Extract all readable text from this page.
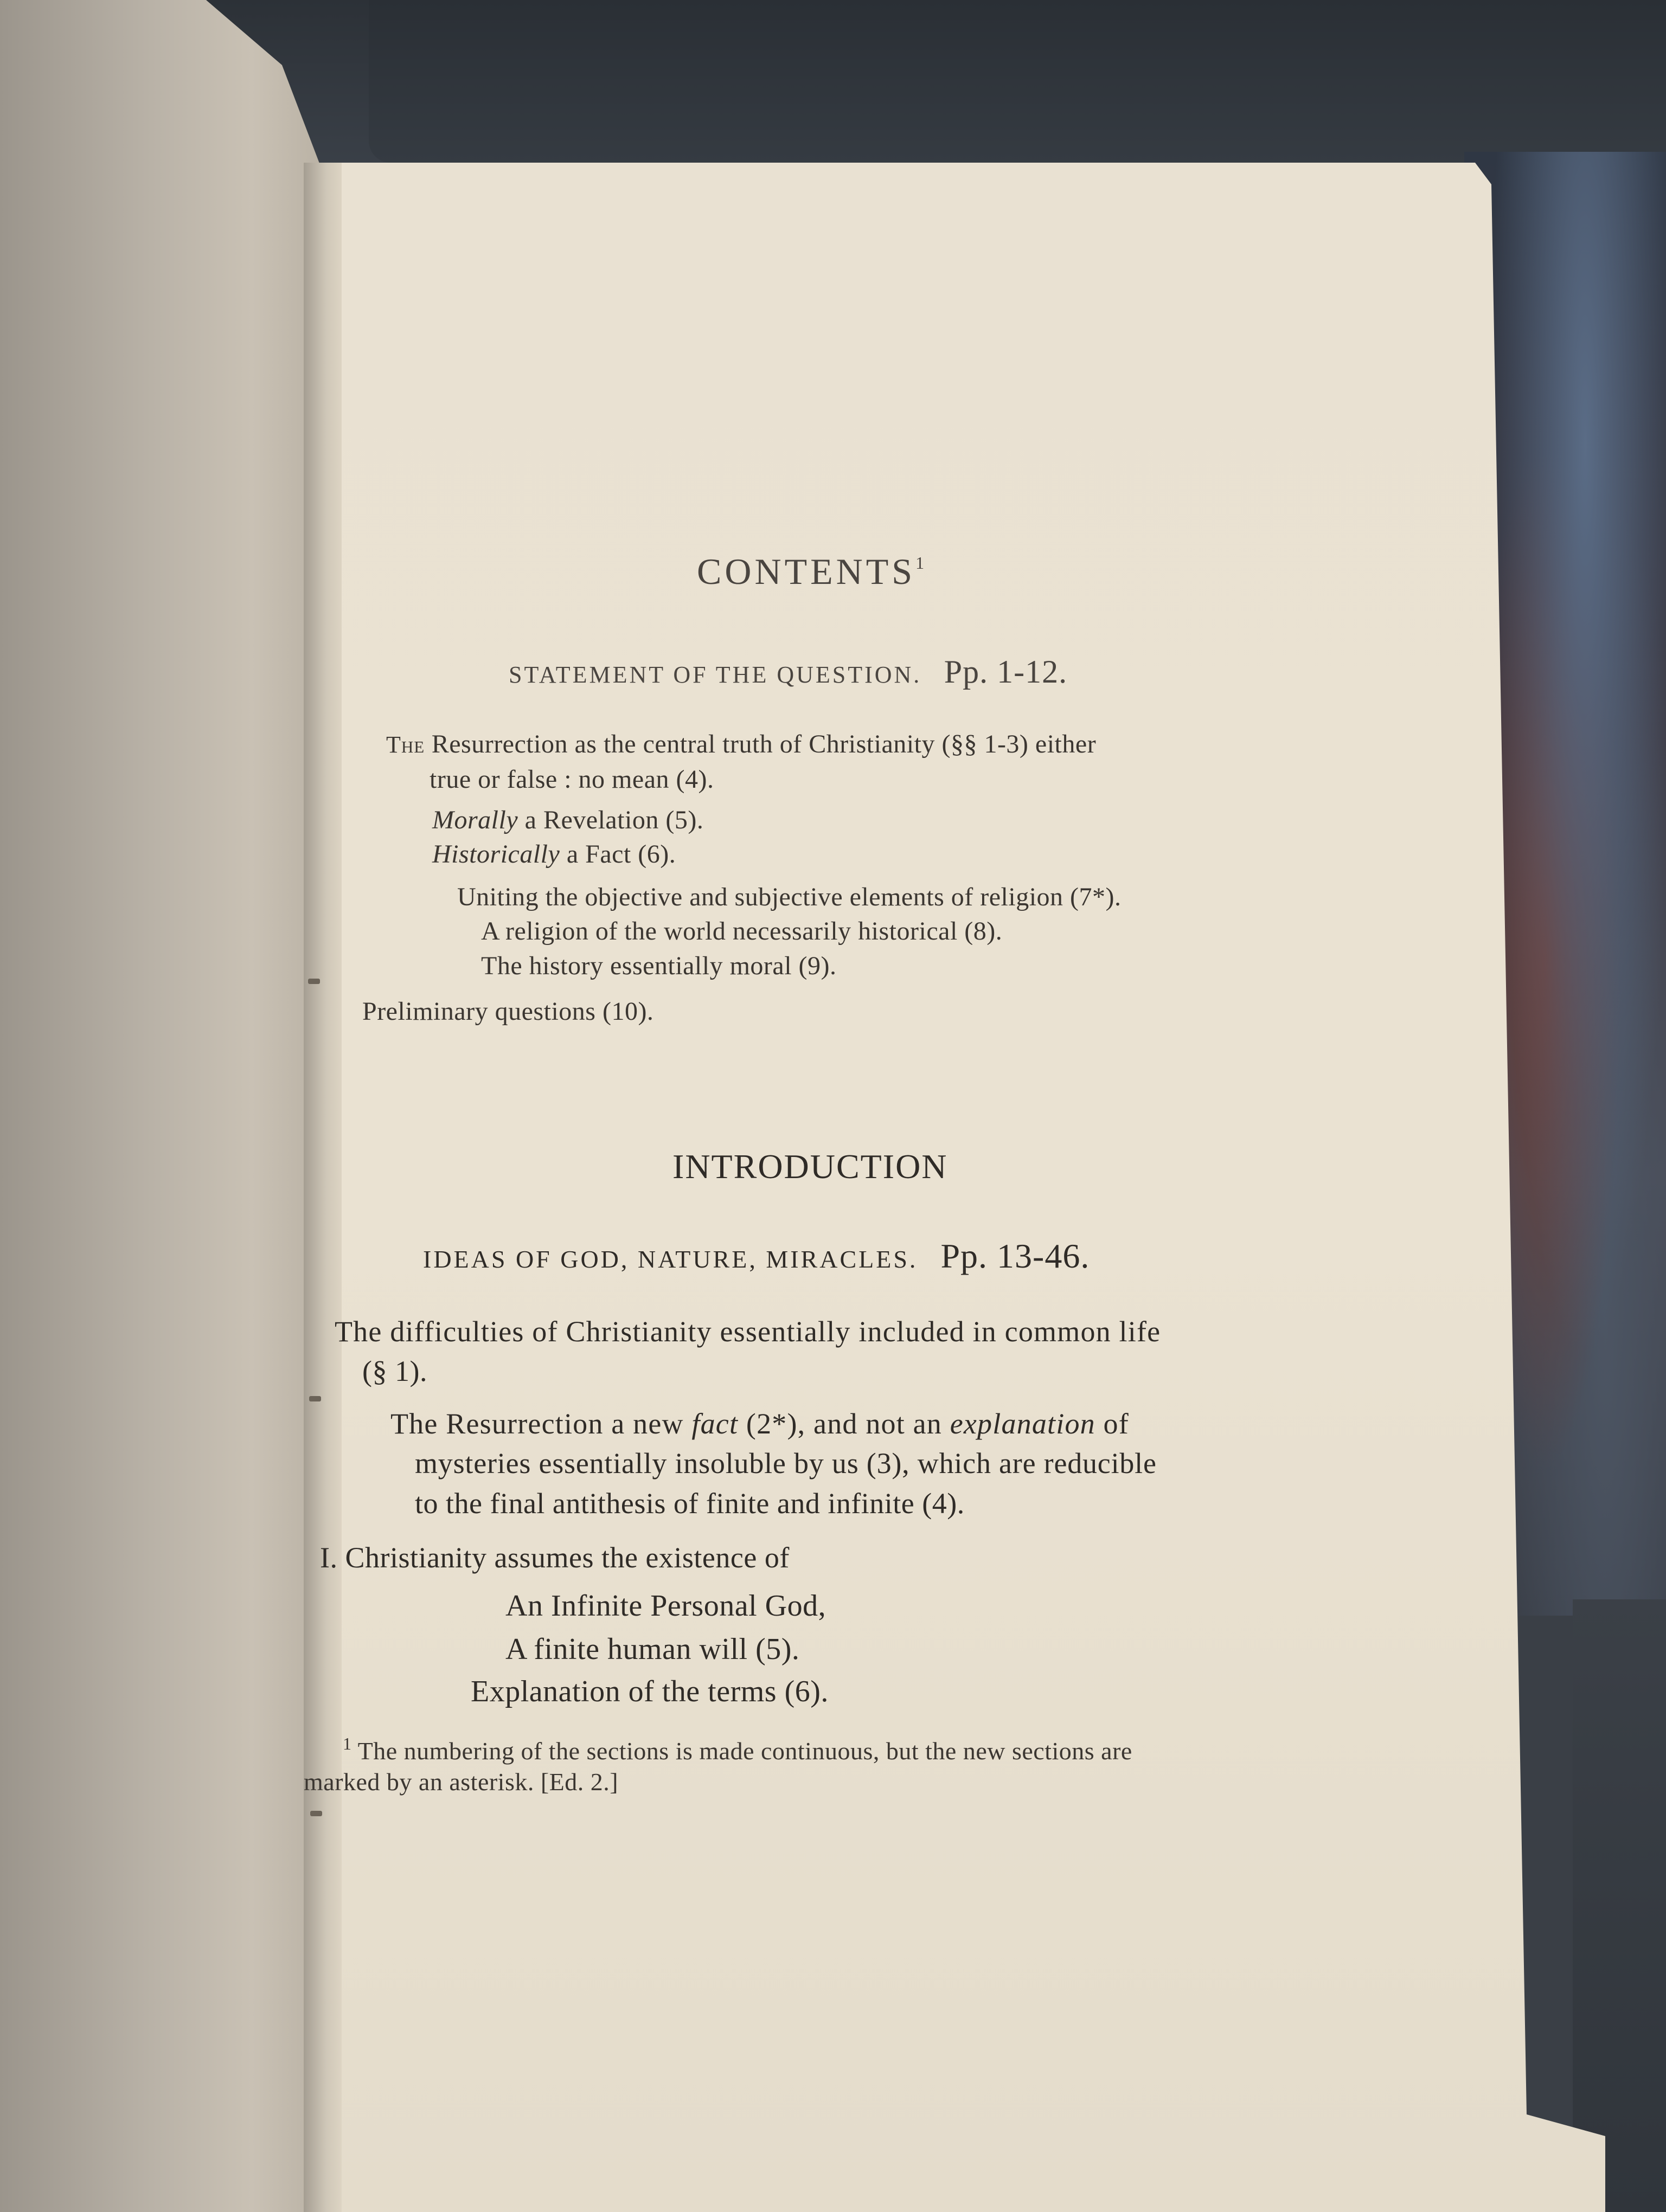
CONTENTS$^1$
STATEMENT OF THE QUESTION. Pp. 1-12.
The Resurrection as the central truth of Christianity (§§ 1-3) either
true or false : no mean (4).
Morally a Revelation (5).
Historically a Fact (6).
Uniting the objective and subjective elements of religion (7*).
A religion of the world necessarily historical (8).
The history essentially moral (9).
Preliminary questions (10).
INTRODUCTION
IDEAS OF GOD, NATURE, MIRACLES. Pp. 13-46.
The difficulties of Christianity essentially included in common life
(§ 1).
The Resurrection a new fact (2*), and not an explanation of
mysteries essentially insoluble by us (3), which are reducible
to the final antithesis of finite and infinite (4).
I. Christianity assumes the existence of
An Infinite Personal God,
A finite human will (5).
Explanation of the terms (6).
$^1$ The numbering of the sections is made continuous, but the new sections are
marked by an asterisk. [Ed. 2.]
